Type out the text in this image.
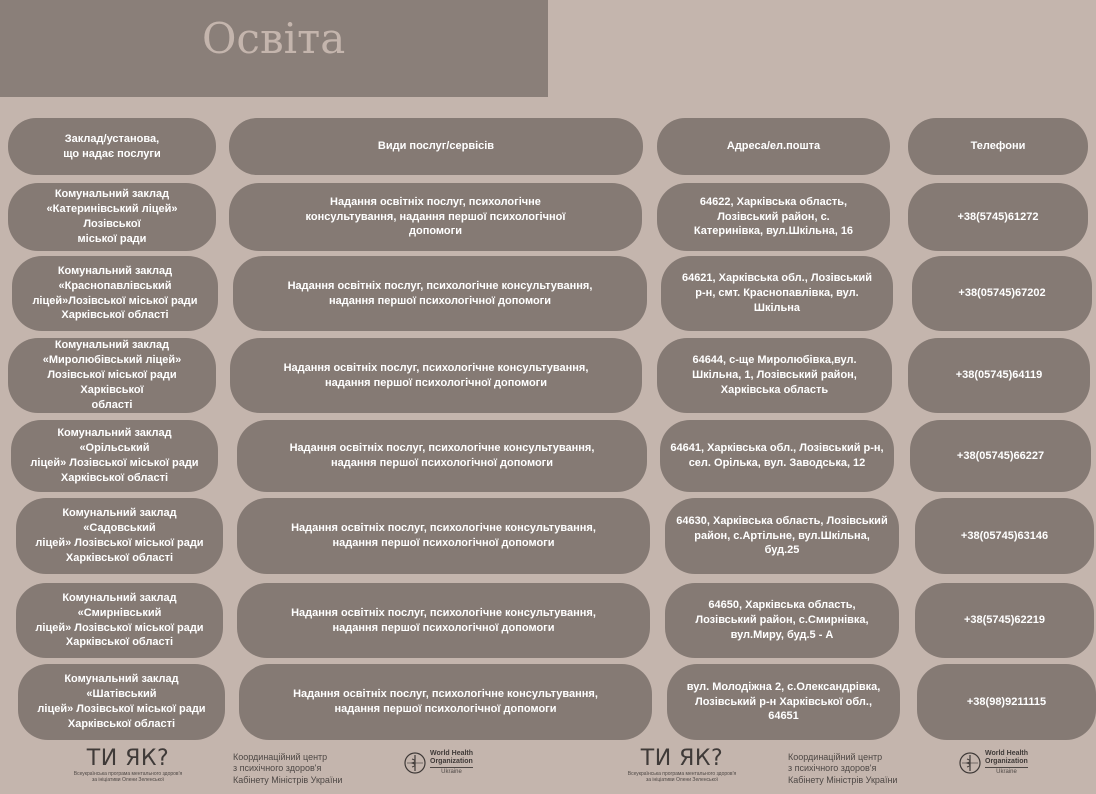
Освіта
Заклад/установа,
що надає послуги
Види послуг/сервісів	Адреса/ел.пошта	Телефони
Комунальний заклад
«Катеринівський ліцей» Лозівської
міської ради
Надання освітніх послуг, психологічне
консультування, надання першої психологічної
допомоги
64622, Харківська область,
Лозівський район, с.
Катеринівка, вул.Шкільна, 16
+38(5745)61272
Комунальний заклад
«Краснопавлівський
ліцей»Лозівської міської ради
Харківської області
Надання освітніх послуг, психологічне консультування,
надання першої психологічної допомоги
64621, Харківська обл., Лозівський
р-н, смт. Краснопавлівка, вул.
Шкільна
+38(05745)67202
Комунальний заклад
«Миролюбівський ліцей»
Лозівської міської ради Харківської
області
Надання освітніх послуг, психологічне консультування,
надання першої психологічної допомоги
64644, с-ще Миролюбівка,вул.
Шкільна, 1, Лозівський район,
Харківська область
+38(05745)64119
Комунальний заклад «Орільський
ліцей» Лозівської міської ради
Харківської області
Надання освітніх послуг, психологічне консультування,
надання першої психологічної допомоги
64641, Харківська обл., Лозівський р-н,
сел. Орілька, вул. Заводська, 12
+38(05745)66227
Комунальний заклад «Садовський
ліцей» Лозівської міської ради
Харківської області
Надання освітніх послуг, психологічне консультування,
надання першої психологічної допомоги
64630, Харківська область, Лозівський
район, с.Артільне, вул.Шкільна,
буд.25
+38(05745)63146
Комунальний заклад «Смирнівський
ліцей» Лозівської міської ради
Харківської області
Надання освітніх послуг, психологічне консультування,
надання першої психологічної допомоги
64650, Харківська область,
Лозівський район, с.Смирнівка,
вул.Миру, буд.5 - А
+38(5745)62219
Комунальний заклад «Шатівський
ліцей» Лозівської міської ради
Харківської області
Надання освітніх послуг, психологічне консультування,
надання першої психологічної допомоги
вул. Молодіжна 2, с.Олександрівка,
Лозівський р-н Харківської обл.,
64651
+38(98)9211115
ТИ ЯК?
Всеукраїнська програма ментального здоров'я за ініціативи Олени Зеленської
Координаційний центр
з психічного здоров'я
Кабінету Міністрів України
World Health
Organization
Ukraine
ТИ ЯК?
Всеукраїнська програма ментального здоров'я за ініціативи Олени Зеленської
Координаційний центр
з психічного здоров'я
Кабінету Міністрів України
World Health
Organization
Ukraine
